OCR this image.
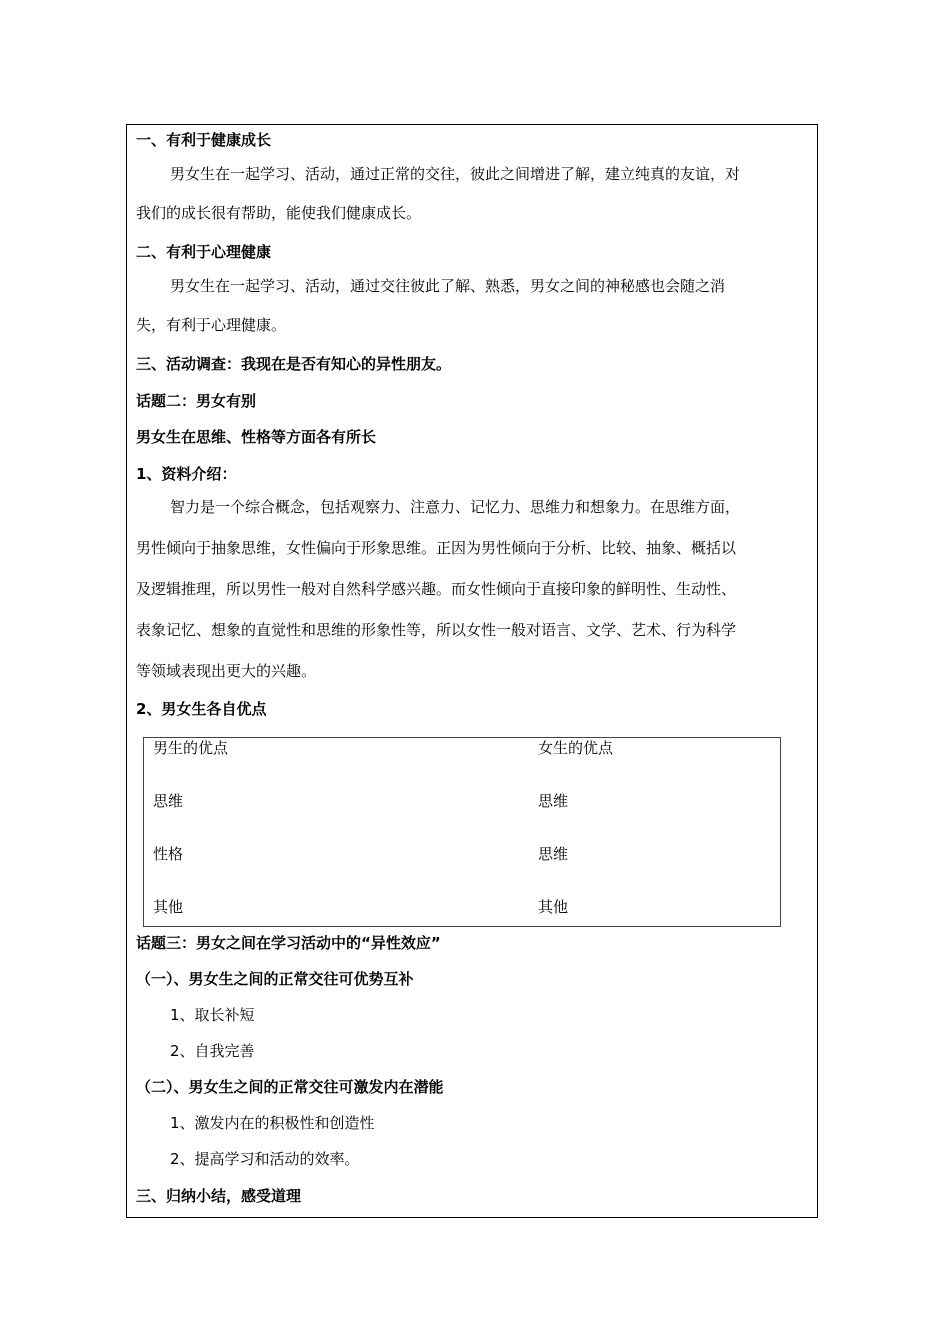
一、有利于健康成长
男女生在一起学习、活动，通过正常的交往，彼此之间增进了解，建立纯真的友谊，对
我们的成长很有帮助，能使我们健康成长。
二、有利于心理健康
男女生在一起学习、活动，通过交往彼此了解、熟悉，男女之间的神秘感也会随之消
失，有利于心理健康。
三、活动调查：我现在是否有知心的异性朋友。
话题二：男女有别
男女生在思维、性格等方面各有所长
1、资料介绍：
智力是一个综合概念，包括观察力、注意力、记忆力、思维力和想象力。在思维方面，
男性倾向于抽象思维，女性偏向于形象思维。正因为男性倾向于分析、比较、抽象、概括以
及逻辑推理，所以男性一般对自然科学感兴趣。而女性倾向于直接印象的鲜明性、生动性、
表象记忆、想象的直觉性和思维的形象性等，所以女性一般对语言、文学、艺术、行为科学
等领域表现出更大的兴趣。
2、男女生各自优点
男生的优点	女生的优点
思维	思维
性格	思维
其他	其他
话题三：男女之间在学习活动中的“异性效应”
（一）、男女生之间的正常交往可优势互补
1、取长补短
2、自我完善
（二）、男女生之间的正常交往可激发内在潜能
1、激发内在的积极性和创造性
2、提高学习和活动的效率。
三、归纳小结，感受道理
